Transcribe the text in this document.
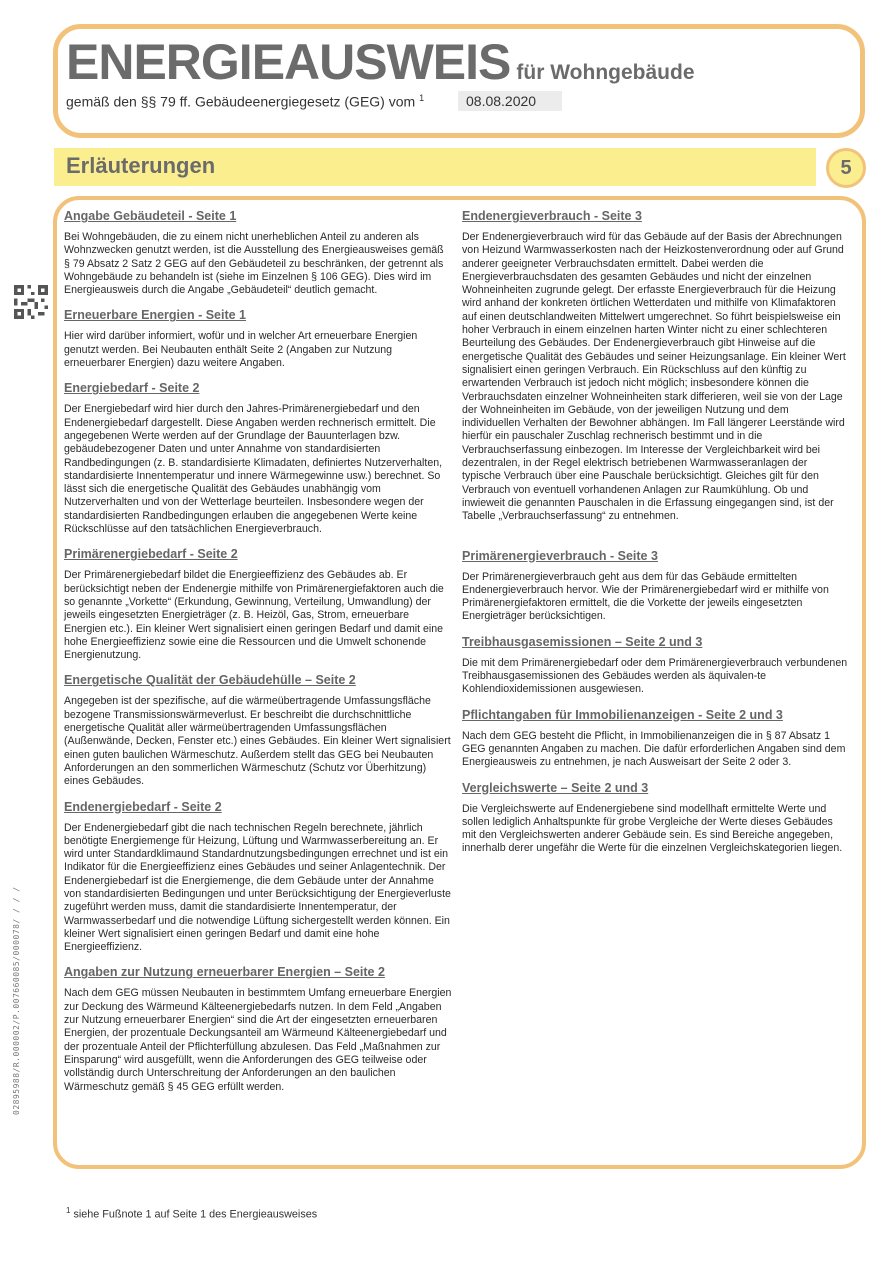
ENERGIEAUSWEIS für Wohngebäude
gemäß den §§ 79 ff. Gebäudeenergiegesetz (GEG) vom $^1$	08.08.2020
Erläuterungen	5
Angabe Gebäudeteil - Seite 1

Bei Wohngebäuden, die zu einem nicht unerheblichen Anteil zu anderen als Wohnzwecken genutzt werden, ist die Ausstellung des Energieausweises gemäß § 79 Absatz 2 Satz 2 GEG auf den Gebäudeteil zu beschränken, der getrennt als Wohngebäude zu behandeln ist (siehe im Einzelnen § 106 GEG). Dies wird im Energieausweis durch die Angabe „Gebäudeteil“ deutlich gemacht.

Erneuerbare Energien - Seite 1

Hier wird darüber informiert, wofür und in welcher Art erneuerbare Energien genutzt werden. Bei Neubauten enthält Seite 2 (Angaben zur Nutzung erneuerbarer Energien) dazu weitere Angaben.

Energiebedarf - Seite 2

Der Energiebedarf wird hier durch den Jahres-Primärenergiebedarf und den Endenergiebedarf dargestellt. Diese Angaben werden rechnerisch ermittelt. Die angegebenen Werte werden auf der Grundlage der Bauunterlagen bzw. gebäudebezogener Daten und unter Annahme von standardisierten Randbedingungen (z. B. standardisierte Klimadaten, definiertes Nutzerverhalten, standardisierte Innentemperatur und innere Wärmegewinne usw.) berechnet. So lässt sich die energetische Qualität des Gebäudes unabhängig vom Nutzerverhalten und von der Wetterlage beurteilen. Insbesondere wegen der standardisierten Randbedingungen erlauben die angegebenen Werte keine Rückschlüsse auf den tatsächlichen Energieverbrauch.

Primärenergiebedarf - Seite 2

Der Primärenergiebedarf bildet die Energieeffizienz des Gebäudes ab. Er berücksichtigt neben der Endenergie mithilfe von Primärenergiefaktoren auch die so genannte „Vorkette“ (Erkundung, Gewinnung, Verteilung, Umwandlung) der jeweils eingesetzten Energieträger (z. B. Heizöl, Gas, Strom, erneuerbare Energien etc.). Ein kleiner Wert signalisiert einen geringen Bedarf und damit eine hohe Energieeffizienz sowie eine die Ressourcen und die Umwelt schonende Energienutzung.

Energetische Qualität der Gebäudehülle – Seite 2

Angegeben ist der spezifische, auf die wärmeübertragende Umfassungsfläche bezogene Transmissionswärmeverlust. Er beschreibt die durchschnittliche energetische Qualität aller wärmeübertragenden Umfassungsflächen (Außenwände, Decken, Fenster etc.) eines Gebäudes. Ein kleiner Wert signalisiert einen guten baulichen Wärmeschutz. Außerdem stellt das GEG bei Neubauten Anforderungen an den sommerlichen Wärmeschutz (Schutz vor Überhitzung) eines Gebäudes.

Endenergiebedarf - Seite 2

Der Endenergiebedarf gibt die nach technischen Regeln berechnete, jährlich benötigte Energiemenge für Heizung, Lüftung und Warmwasserbereitung an. Er wird unter Standardklimaund Standardnutzungsbedingungen errechnet und ist ein Indikator für die Energieeffizienz eines Gebäudes und seiner Anlagentechnik. Der Endenergiebedarf ist die Energiemenge, die dem Gebäude unter der Annahme von standardisierten Bedingungen und unter Berücksichtigung der Energieverluste zugeführt werden muss, damit die standardisierte Innentemperatur, der Warmwasserbedarf und die notwendige Lüftung sichergestellt werden können. Ein kleiner Wert signalisiert einen geringen Bedarf und damit eine hohe Energieeffizienz.

Angaben zur Nutzung erneuerbarer Energien – Seite 2

Nach dem GEG müssen Neubauten in bestimmtem Umfang erneuerbare Energien zur Deckung des Wärmeund Kälteenergiebedarfs nutzen. In dem Feld „Angaben zur Nutzung erneuerbarer Energien“ sind die Art der eingesetzten erneuerbaren Energien, der prozentuale Deckungsanteil am Wärmeund Kälteenergiebedarf und der prozentuale Anteil der Pflichterfüllung abzulesen. Das Feld „Maßnahmen zur Einsparung“ wird ausgefüllt, wenn die Anforderungen des GEG teilweise oder vollständig durch Unterschreitung der Anforderungen an den baulichen Wärmeschutz gemäß § 45 GEG erfüllt werden.

Endenergieverbrauch - Seite 3

Der Endenergieverbrauch wird für das Gebäude auf der Basis der Abrechnungen von Heizund Warmwasserkosten nach der Heizkostenverordnung oder auf Grund anderer geeigneter Verbrauchsdaten ermittelt. Dabei werden die Energieverbrauchsdaten des gesamten Gebäudes und nicht der einzelnen Wohneinheiten zugrunde gelegt. Der erfasste Energieverbrauch für die Heizung wird anhand der konkreten örtlichen Wetterdaten und mithilfe von Klimafaktoren auf einen deutschlandweiten Mittelwert umgerechnet. So führt beispielsweise ein hoher Verbrauch in einem einzelnen harten Winter nicht zu einer schlechteren Beurteilung des Gebäudes. Der Endenergieverbrauch gibt Hinweise auf die energetische Qualität des Gebäudes und seiner Heizungsanlage. Ein kleiner Wert signalisiert einen geringen Verbrauch. Ein Rückschluss auf den künftig zu erwartenden Verbrauch ist jedoch nicht möglich; insbesondere können die Verbrauchsdaten einzelner Wohneinheiten stark differieren, weil sie von der Lage der Wohneinheiten im Gebäude, von der jeweiligen Nutzung und dem individuellen Verhalten der Bewohner abhängen. Im Fall längerer Leerstände wird hierfür ein pauschaler Zuschlag rechnerisch bestimmt und in die Verbrauchserfassung einbezogen. Im Interesse der Vergleichbarkeit wird bei dezentralen, in der Regel elektrisch betriebenen Warmwasseranlagen der typische Verbrauch über eine Pauschale berücksichtigt. Gleiches gilt für den Verbrauch von eventuell vorhandenen Anlagen zur Raumkühlung. Ob und inwieweit die genannten Pauschalen in die Erfassung eingegangen sind, ist der Tabelle „Verbrauchserfassung“ zu entnehmen.

Primärenergieverbrauch - Seite 3

Der Primärenergieverbrauch geht aus dem für das Gebäude ermittelten Endenergieverbrauch hervor. Wie der Primärenergiebedarf wird er mithilfe von Primärenergiefaktoren ermittelt, die die Vorkette der jeweils eingesetzten Energieträger berücksichtigen.

Treibhausgasemissionen – Seite 2 und 3

Die mit dem Primärenergiebedarf oder dem Primärenergieverbrauch verbundenen Treibhausgasemissionen des Gebäudes werden als äquivalen-te Kohlendioxidemissionen ausgewiesen.

Pflichtangaben für Immobilienanzeigen - Seite 2 und 3

Nach dem GEG besteht die Pflicht, in Immobilienanzeigen die in § 87 Absatz 1 GEG genannten Angaben zu machen. Die dafür erforderlichen Angaben sind dem Energieausweis zu entnehmen, je nach Ausweisart der Seite 2 oder 3.

Vergleichswerte – Seite 2 und 3

Die Vergleichswerte auf Endenergiebene sind modellhaft ermittelte Werte und sollen lediglich Anhaltspunkte für grobe Vergleiche der Werte dieses Gebäudes mit den Vergleichswerten anderer Gebäude sein. Es sind Bereiche angegeben, innerhalb derer ungefähr die Werte für die einzelnen Vergleichskategorien liegen.

02895988/R.000002/P.007660085/000078/ / / /
$^1$ siehe Fußnote 1 auf Seite 1 des Energieausweises
